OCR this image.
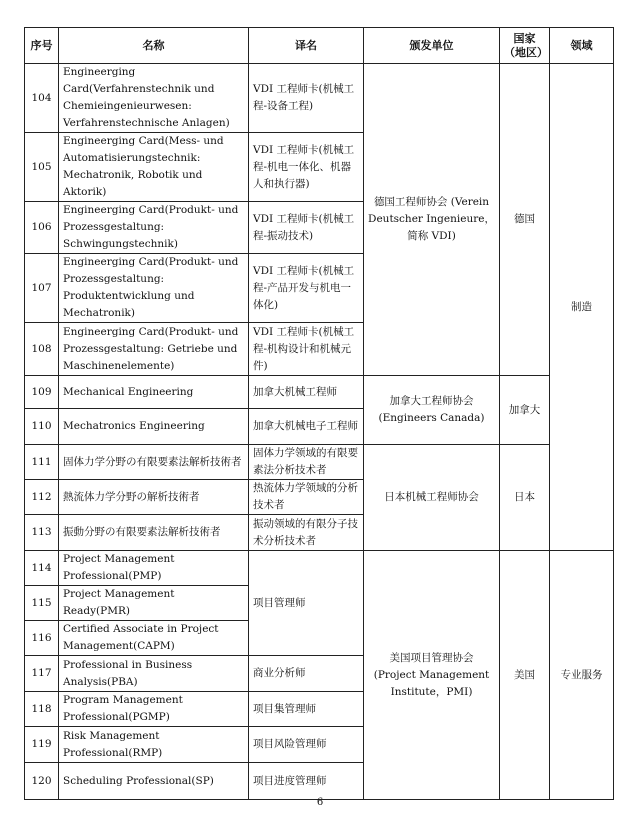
序号	名称	译名	颁发单位	国家（地区）	领域
104	Engineerging Card(Verfahrenstechnik und Chemieingenieurwesen: Verfahrenstechnische Anlagen)	VDI 工程师卡(机械工程-设备工程)	德国工程师协会 (Verein Deutscher Ingenieure，简称 VDI)	德国	制造
105	Engineerging Card(Mess- und Automatisierungstechnik: Mechatronik, Robotik und Aktorik)	VDI 工程师卡(机械工程-机电一体化、机器人和执行器)			
106	Engineerging Card(Produkt- und Prozessgestaltung: Schwingungstechnik)	VDI 工程师卡(机械工程-振动技术)			
107	Engineerging Card(Produkt- und Prozessgestaltung: Produktentwicklung und Mechatronik)	VDI 工程师卡(机械工程-产品开发与机电一体化)			
108	Engineerging Card(Produkt- und Prozessgestaltung: Getriebe und Maschinenelemente)	VDI 工程师卡(机械工程-机构设计和机械元件)			
109	Mechanical Engineering	加拿大机械工程师	加拿大工程师协会 (Engineers Canada)	加拿大	
110	Mechatronics Engineering	加拿大机械电子工程师			
111	固体力学分野の有限要素法解析技術者	固体力学领域的有限要素法分析技术者	日本机械工程师协会	日本	
112	熱流体力学分野の解析技術者	热流体力学领域的分析技术者			
113	振動分野の有限要素法解析技術者	振动领域的有限分子技术分析技术者			
114	Project Management Professional(PMP)	项目管理师	美国项目管理协会 (Project Management Institute，PMI)	美国	专业服务
115	Project Management Ready(PMR)				
116	Certified Associate in Project Management(CAPM)				
117	Professional in Business Analysis(PBA)	商业分析师			
118	Program Management Professional(PGMP)	项目集管理师			
119	Risk Management Professional(RMP)	项目风险管理师			
120	Scheduling Professional(SP)	项目进度管理师			
6
